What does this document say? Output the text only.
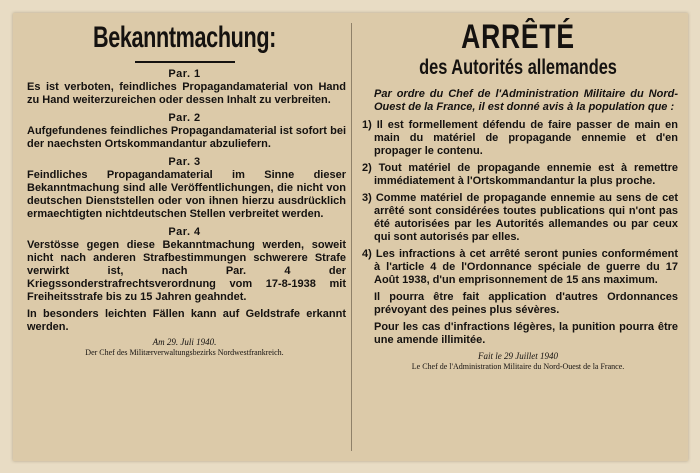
Bekanntmachung:
Par. 1
Es ist verboten, feindliches Propagandamaterial von Hand zu Hand weiterzureichen oder dessen Inhalt zu verbreiten.
Par. 2
Aufgefundenes feindliches Propagandamaterial ist sofort bei der naechsten Ortskommandantur abzuliefern.
Par. 3
Feindliches Propagandamaterial im Sinne dieser Bekanntmachung sind alle Veröffentlichungen, die nicht von deutschen Dienststellen oder von ihnen hierzu ausdrücklich ermaechtigten nichtdeutschen Stellen verbreitet werden.
Par. 4
Verstösse gegen diese Bekanntmachung werden, soweit nicht nach anderen Strafbestimmungen schwerere Strafe verwirkt ist, nach Par. 4 der Kriegssonderstrafrechtsverordnung vom 17-8-1938 mit Freiheitsstrafe bis zu 15 Jahren geahndet.
In besonders leichten Fällen kann auf Geldstrafe erkannt werden.
Am 29. Juli 1940.
Der Chef des Militærverwaltungsbezirks Nordwestfrankreich.
ARRÊTÉ
des Autorités allemandes
Par ordre du Chef de l'Administration Militaire du Nord-Ouest de la France, il est donné avis à la population que :
1) Il est formellement défendu de faire passer de main en main du matériel de propagande ennemie et d'en propager le contenu.
2) Tout matériel de propagande ennemie est à remettre immédiatement à l'Ortskommandantur la plus proche.
3) Comme matériel de propagande ennemie au sens de cet arrêté sont considérées toutes publications qui n'ont pas été autorisées par les Autorités allemandes ou par ceux qui sont autorisés par elles.
4) Les infractions à cet arrêté seront punies conformément à l'article 4 de l'Ordonnance spéciale de guerre du 17 Août 1938, d'un emprisonnement de 15 ans maximum.
Il pourra être fait application d'autres Ordonnances prévoyant des peines plus sévères.
Pour les cas d'infractions légères, la punition pourra être une amende illimitée.
Fait le 29 Juillet 1940
Le Chef de l'Administration Militaire du Nord-Ouest de la France.
